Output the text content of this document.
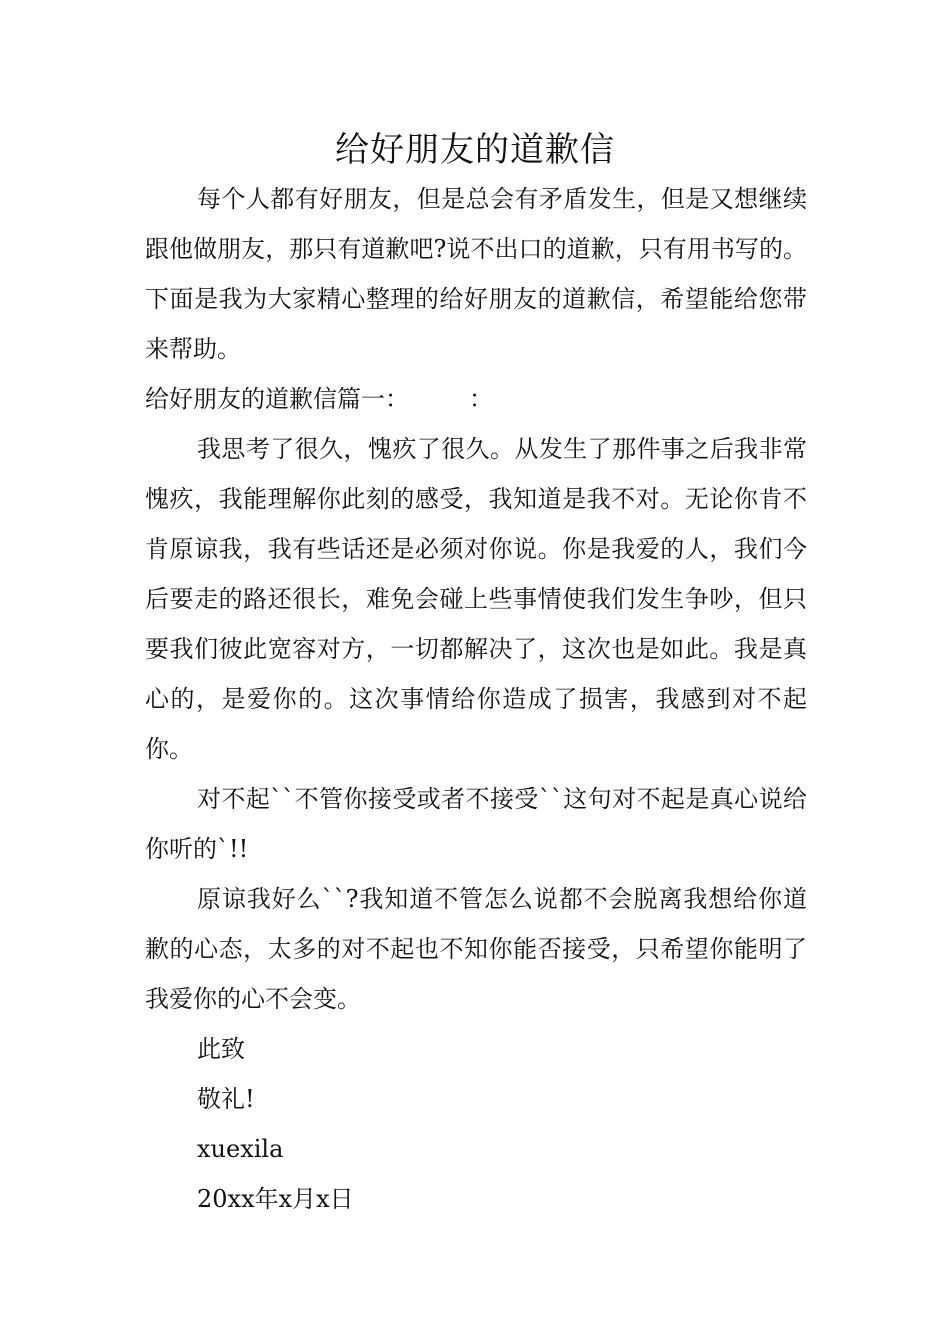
给好朋友的道歉信

每个人都有好朋友，但是总会有矛盾发生，但是又想继续跟他做朋友，那只有道歉吧?说不出口的道歉，只有用书写的。下面是我为大家精心整理的给好朋友的道歉信，希望能给您带来帮助。

给好朋友的道歉信篇一：　　　：

我思考了很久，愧疚了很久。从发生了那件事之后我非常愧疚，我能理解你此刻的感受，我知道是我不对。无论你肯不肯原谅我，我有些话还是必须对你说。你是我爱的人，我们今后要走的路还很长，难免会碰上些事情使我们发生争吵，但只要我们彼此宽容对方，一切都解决了，这次也是如此。我是真心的，是爱你的。这次事情给你造成了损害，我感到对不起你。

对不起``不管你接受或者不接受``这句对不起是真心说给你听的`!!

原谅我好么``?我知道不管怎么说都不会脱离我想给你道歉的心态，太多的对不起也不知你能否接受，只希望你能明了我爱你的心不会变。

此致

敬礼!

xuexila

20xx年x月x日
